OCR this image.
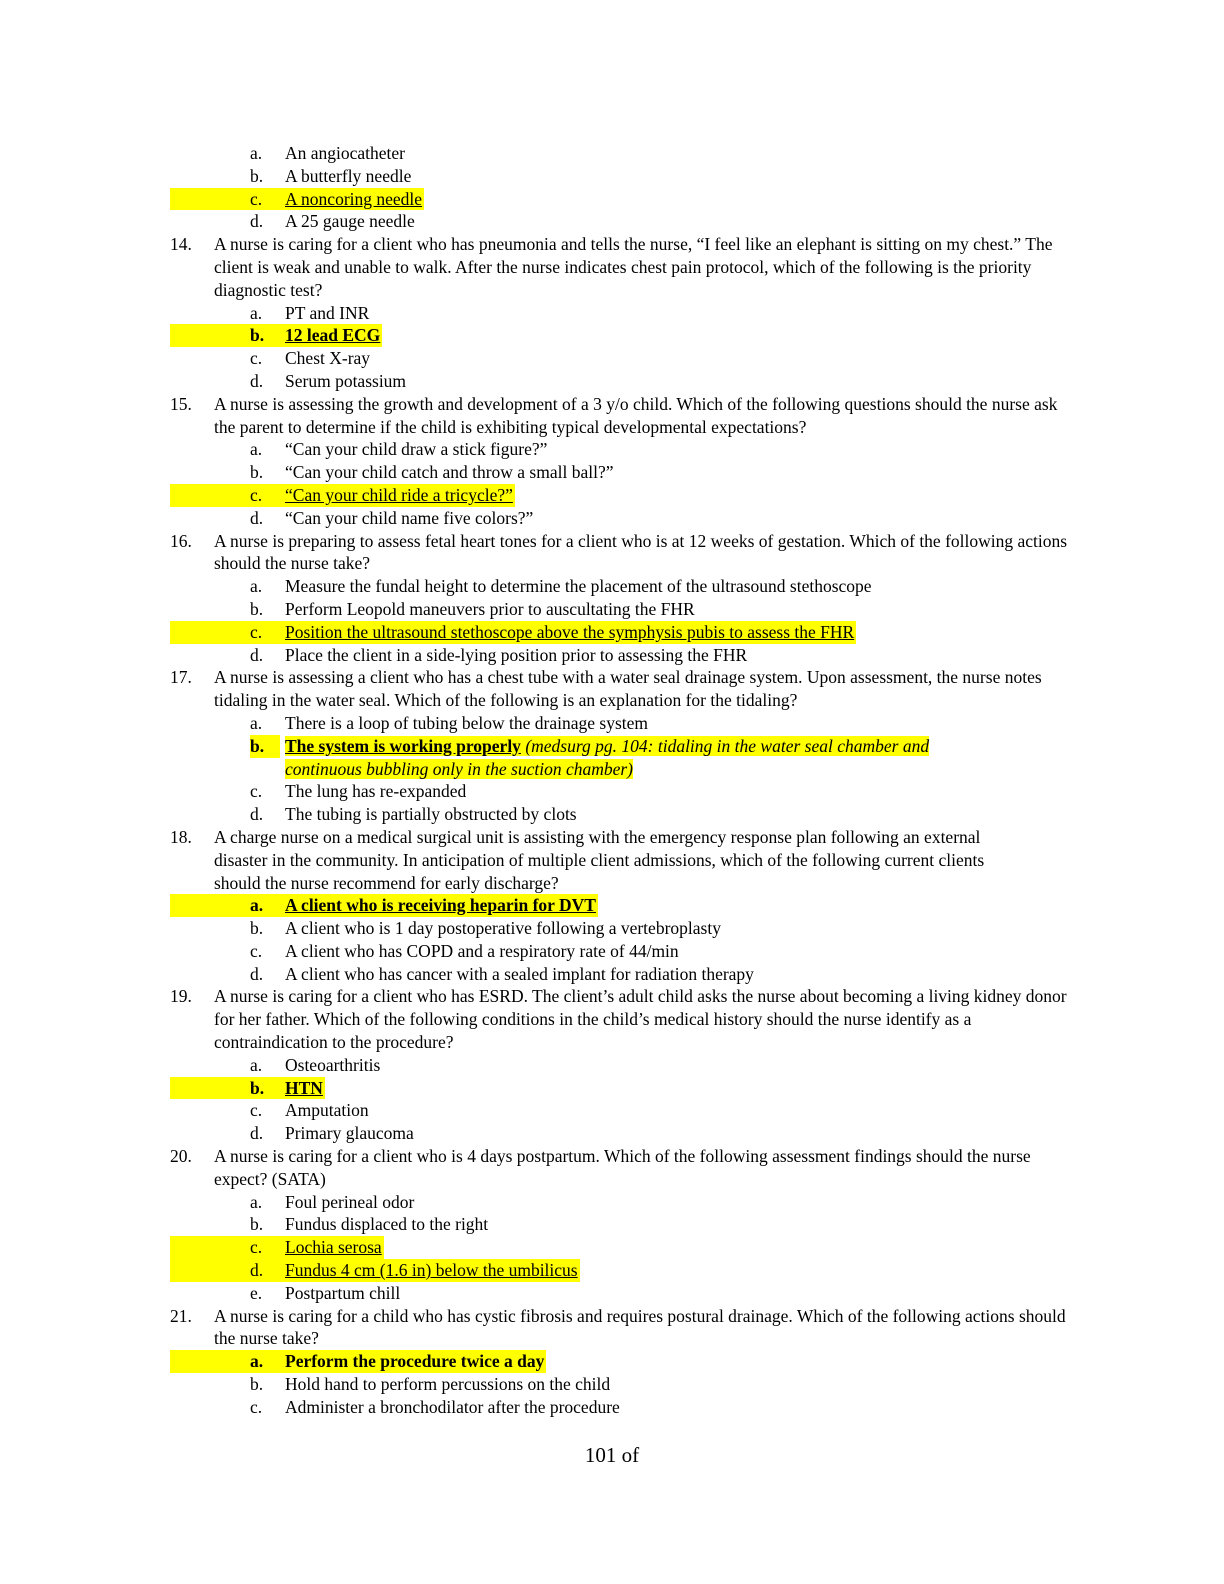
a.	An angiocatheter
b.	A butterfly needle
c.	A noncoring needle
d.	A 25 gauge needle
14.	A nurse is caring for a client who has pneumonia and tells the nurse, “I feel like an elephant is sitting on my chest.” The client is weak and unable to walk. After the nurse indicates chest pain protocol, which of the following is the priority diagnostic test?
a.	PT and INR
b.	12 lead ECG
c.	Chest X-ray
d.	Serum potassium
15.	A nurse is assessing the growth and development of a 3 y/o child. Which of the following questions should the nurse ask the parent to determine if the child is exhibiting typical developmental expectations?
a.	“Can your child draw a stick figure?”
b.	“Can your child catch and throw a small ball?”
c.	“Can your child ride a tricycle?”
d.	“Can your child name five colors?”
16.	A nurse is preparing to assess fetal heart tones for a client who is at 12 weeks of gestation. Which of the following actions should the nurse take?
a.	Measure the fundal height to determine the placement of the ultrasound stethoscope
b.	Perform Leopold maneuvers prior to auscultating the FHR
c.	Position the ultrasound stethoscope above the symphysis pubis to assess the FHR
d.	Place the client in a side-lying position prior to assessing the FHR
17.	A nurse is assessing a client who has a chest tube with a water seal drainage system. Upon assessment, the nurse notes tidaling in the water seal. Which of the following is an explanation for the tidaling?
a.	There is a loop of tubing below the drainage system
b.	The system is working properly (medsurg pg. 104: tidaling in the water seal chamber and continuous bubbling only in the suction chamber)
c.	The lung has re-expanded
d.	The tubing is partially obstructed by clots
18.	A charge nurse on a medical surgical unit is assisting with the emergency response plan following an external disaster in the community. In anticipation of multiple client admissions, which of the following current clients should the nurse recommend for early discharge?
a.	A client who is receiving heparin for DVT
b.	A client who is 1 day postoperative following a vertebroplasty
c.	A client who has COPD and a respiratory rate of 44/min
d.	A client who has cancer with a sealed implant for radiation therapy
19.	A nurse is caring for a client who has ESRD. The client’s adult child asks the nurse about becoming a living kidney donor for her father. Which of the following conditions in the child’s medical history should the nurse identify as a contraindication to the procedure?
a.	Osteoarthritis
b.	HTN
c.	Amputation
d.	Primary glaucoma
20.	A nurse is caring for a client who is 4 days postpartum. Which of the following assessment findings should the nurse expect? (SATA)
a.	Foul perineal odor
b.	Fundus displaced to the right
c.	Lochia serosa
d.	Fundus 4 cm (1.6 in) below the umbilicus
e.	Postpartum chill
21.	A nurse is caring for a child who has cystic fibrosis and requires postural drainage. Which of the following actions should the nurse take?
a.	Perform the procedure twice a day
b.	Hold hand to perform percussions on the child
c.	Administer a bronchodilator after the procedure
101 of
